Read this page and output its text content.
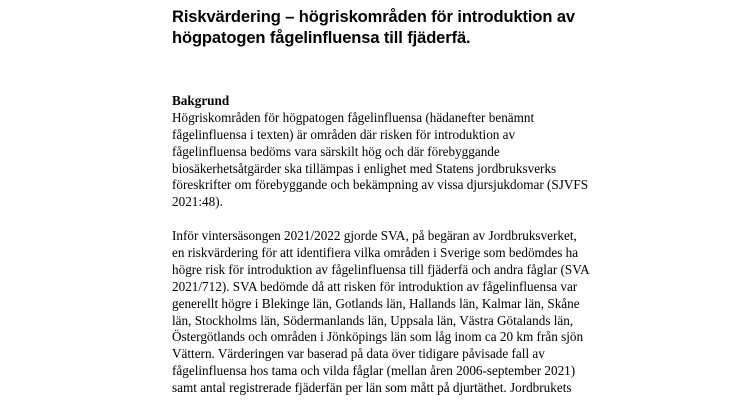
Riskvärdering – högriskområden för introduktion av
högpatogen fågelinfluensa till fjäderfä.
Bakgrund
Högriskområden för högpatogen fågelinfluensa (hädanefter benämnt
fågelinfluensa i texten) är områden där risken för introduktion av
fågelinfluensa bedöms vara särskilt hög och där förebyggande
biosäkerhetsåtgärder ska tillämpas i enlighet med Statens jordbruksverks
föreskrifter om förebyggande och bekämpning av vissa djursjukdomar (SJVFS
2021:48).
Inför vintersäsongen 2021/2022 gjorde SVA, på begäran av Jordbruksverket,
en riskvärdering för att identifiera vilka områden i Sverige som bedömdes ha
högre risk för introduktion av fågelinfluensa till fjäderfä och andra fåglar (SVA
2021/712). SVA bedömde då att risken för introduktion av fågelinfluensa var
generellt högre i Blekinge län, Gotlands län, Hallands län, Kalmar län, Skåne
län, Stockholms län, Södermanlands län, Uppsala län, Västra Götalands län,
Östergötlands och områden i Jönköpings län som låg inom ca 20 km från sjön
Vättern. Värderingen var baserad på data över tidigare påvisade fall av
fågelinfluensa hos tama och vilda fåglar (mellan åren 2006-september 2021)
samt antal registrerade fjäderfän per län som mått på djurtäthet. Jordbrukets
